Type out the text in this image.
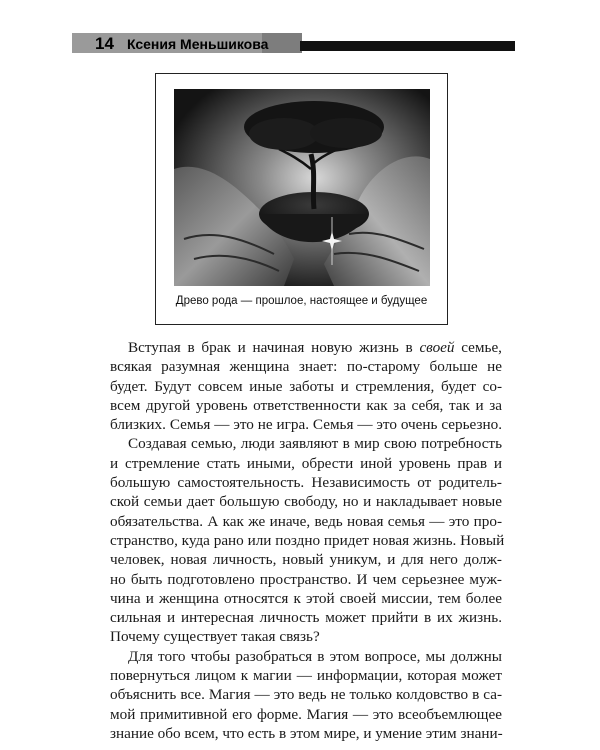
14 Ксения Меньшикова
Древо рода — прошлое, настоящее и будущее
Вступая в брак и начиная новую жизнь в своей семье,
всякая разумная женщина знает: по-старому больше не
будет. Будут совсем иные заботы и стремления, будет со-
всем другой уровень ответственности как за себя, так и за
близких. Семья — это не игра. Семья — это очень серьезно.
Создавая семью, люди заявляют в мир свою потребность
и стремление стать иными, обрести иной уровень прав и
большую самостоятельность. Независимость от родитель-
ской семьи дает большую свободу, но и накладывает новые
обязательства. А как же иначе, ведь новая семья — это про-
странство, куда рано или поздно придет новая жизнь. Новый
человек, новая личность, новый уникум, и для него долж-
но быть подготовлено пространство. И чем серьезнее муж-
чина и женщина относятся к этой своей миссии, тем более
сильная и интересная личность может прийти в их жизнь.
Почему существует такая связь?
Для того чтобы разобраться в этом вопросе, мы должны
повернуться лицом к магии — информации, которая может
объяснить все. Магия — это ведь не только колдовство в са-
мой примитивной его форме. Магия — это всеобъемлющее
знание обо всем, что есть в этом мире, и умение этим знани-
